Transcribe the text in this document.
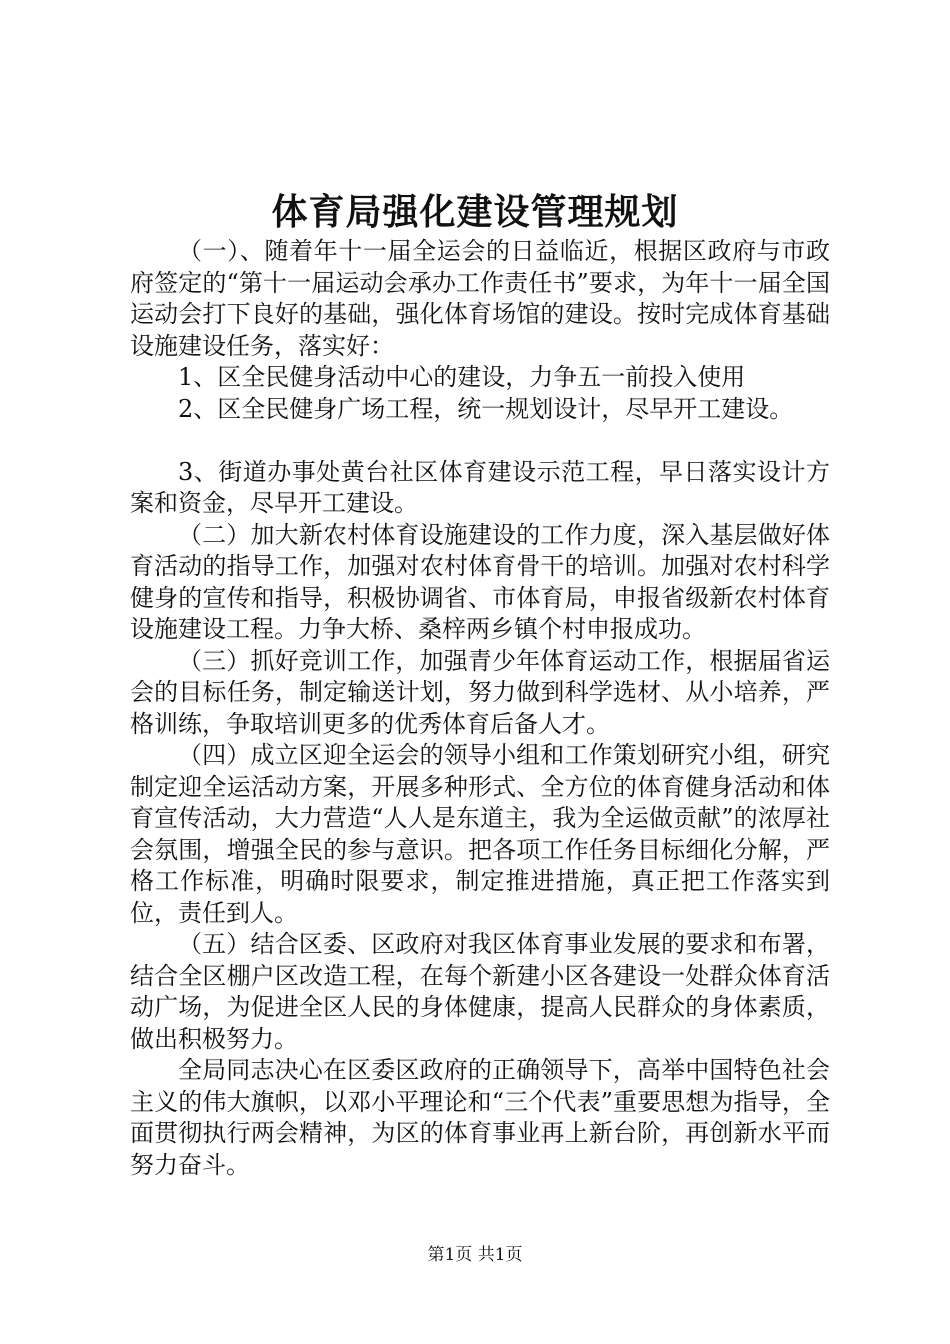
体育局强化建设管理规划

（一）、随着年十一届全运会的日益临近，根据区政府与市政府签定的“第十一届运动会承办工作责任书”要求，为年十一届全国运动会打下良好的基础，强化体育场馆的建设。按时完成体育基础设施建设任务，落实好：

1、区全民健身活动中心的建设，力争五一前投入使用

2、区全民健身广场工程，统一规划设计，尽早开工建设。

3、街道办事处黄台社区体育建设示范工程，早日落实设计方案和资金，尽早开工建设。

（二）加大新农村体育设施建设的工作力度，深入基层做好体育活动的指导工作，加强对农村体育骨干的培训。加强对农村科学健身的宣传和指导，积极协调省、市体育局，申报省级新农村体育设施建设工程。力争大桥、桑梓两乡镇个村申报成功。

（三）抓好竞训工作，加强青少年体育运动工作，根据届省运会的目标任务，制定输送计划，努力做到科学选材、从小培养，严格训练，争取培训更多的优秀体育后备人才。

（四）成立区迎全运会的领导小组和工作策划研究小组，研究制定迎全运活动方案，开展多种形式、全方位的体育健身活动和体育宣传活动，大力营造“人人是东道主，我为全运做贡献”的浓厚社会氛围，增强全民的参与意识。把各项工作任务目标细化分解，严格工作标准，明确时限要求，制定推进措施，真正把工作落实到位，责任到人。

（五）结合区委、区政府对我区体育事业发展的要求和布署，结合全区棚户区改造工程，在每个新建小区各建设一处群众体育活动广场，为促进全区人民的身体健康，提高人民群众的身体素质，做出积极努力。

全局同志决心在区委区政府的正确领导下，高举中国特色社会主义的伟大旗帜，以邓小平理论和“三个代表”重要思想为指导，全面贯彻执行两会精神，为区的体育事业再上新台阶，再创新水平而努力奋斗。

第1页 共1页
